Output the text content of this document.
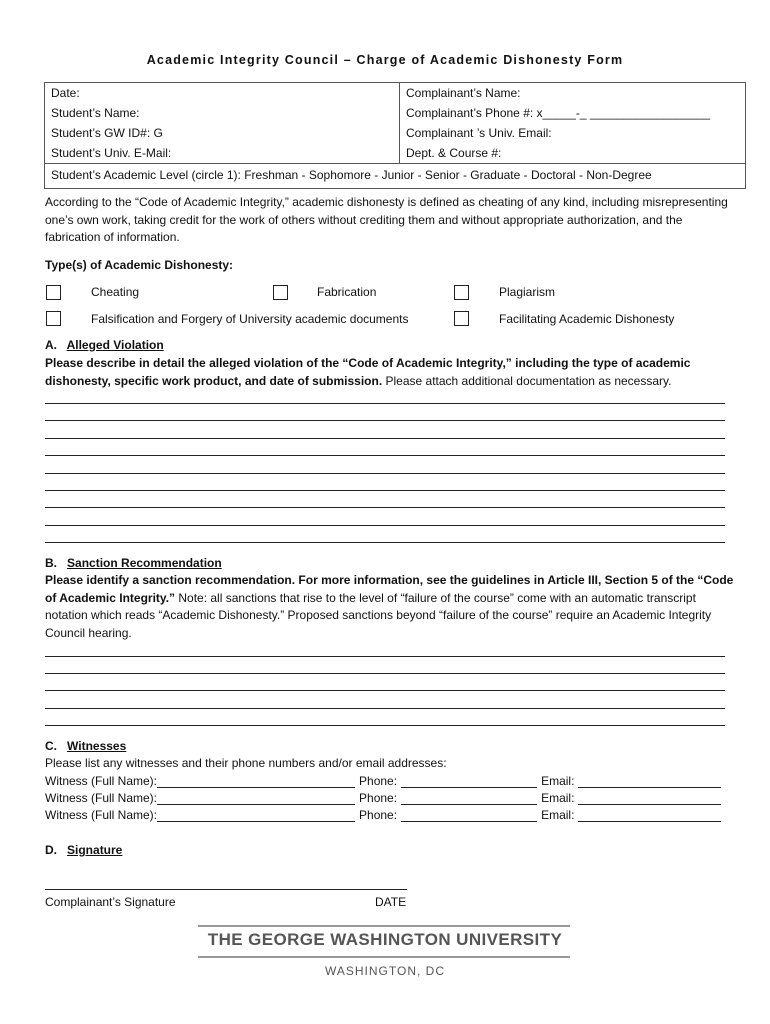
Academic Integrity Council – Charge of Academic Dishonesty Form
Date:	Complainant’s Name:
Student’s Name:	Complainant’s Phone #: x_____-_ __________________
Student’s GW ID#: G	Complainant ’s Univ. Email:
Student’s Univ. E-Mail:	Dept. & Course #:
Student’s Academic Level (circle 1): Freshman - Sophomore - Junior - Senior - Graduate - Doctoral - Non-Degree
According to the “Code of Academic Integrity,” academic dishonesty is defined as cheating of any kind, including misrepresenting one’s own work, taking credit for the work of others without crediting them and without appropriate authorization, and the fabrication of information.
Type(s) of Academic Dishonesty:
Cheating	Fabrication	Plagiarism
Falsification and Forgery of University academic documents	Facilitating Academic Dishonesty
A. Alleged Violation
Please describe in detail the alleged violation of the “Code of Academic Integrity,” including the type of academic dishonesty, specific work product, and date of submission. Please attach additional documentation as necessary.
B. Sanction Recommendation
Please identify a sanction recommendation. For more information, see the guidelines in Article III, Section 5 of the “Code of Academic Integrity.” Note: all sanctions that rise to the level of “failure of the course” come with an automatic transcript notation which reads “Academic Dishonesty.” Proposed sanctions beyond “failure of the course” require an Academic Integrity Council hearing.
C. Witnesses
Please list any witnesses and their phone numbers and/or email addresses:
Witness (Full Name):	Phone:	Email:
Witness (Full Name):	Phone:	Email:
Witness (Full Name):	Phone:	Email:
D. Signature
Complainant’s Signature	DATE
THE GEORGE WASHINGTON UNIVERSITY
WASHINGTON, DC
